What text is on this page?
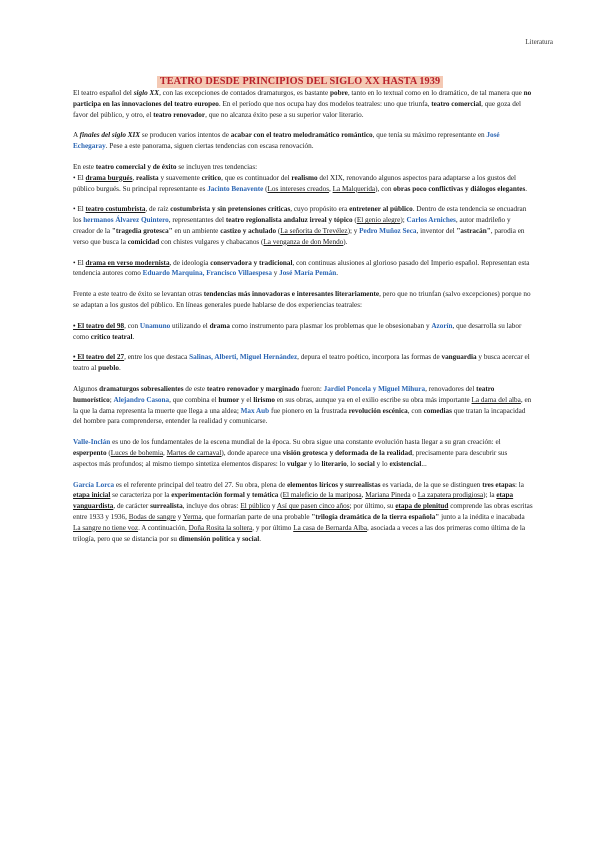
Literatura
TEATRO DESDE PRINCIPIOS DEL SIGLO XX HASTA 1939

El teatro español del siglo XX, con las excepciones de contados dramaturgos, es bastante pobre, tanto en lo textual como en lo dramático, de tal manera que no participa en las innovaciones del teatro europeo. En el período que nos ocupa hay dos modelos teatrales: uno que triunfa, teatro comercial, que goza del favor del público, y otro, el teatro renovador, que no alcanza éxito pese a su superior valor literario.

A finales del siglo XIX se producen varios intentos de acabar con el teatro melodramático romántico, que tenía su máximo representante en José Echegaray. Pese a este panorama, siguen ciertas tendencias con escasa renovación.

En este teatro comercial y de éxito se incluyen tres tendencias:
• El drama burgués, realista y suavemente crítico, que es continuador del realismo del XIX, renovando algunos aspectos para adaptarse a los gustos del público burgués. Su principal representante es Jacinto Benavente (Los intereses creados, La Malquerida), con obras poco conflictivas y diálogos elegantes.

• El teatro costumbrista, de raíz costumbrista y sin pretensiones críticas, cuyo propósito era entretener al público. Dentro de esta tendencia se encuadran los hermanos Álvarez Quintero, representantes del teatro regionalista andaluz irreal y tópico (El genio alegre); Carlos Arniches, autor madrileño y creador de la "tragedia grotesca" en un ambiente castizo y achulado (La señorita de Trevélez); y Pedro Muñoz Seca, inventor del "astracán", parodia en verso que busca la comicidad con chistes vulgares y chabacanos (La venganza de don Mendo).

• El drama en verso modernista, de ideología conservadora y tradicional, con continuas alusiones al glorioso pasado del Imperio español. Representan esta tendencia autores como Eduardo Marquina, Francisco Villaespesa y José María Pemán.

Frente a este teatro de éxito se levantan otras tendencias más innovadoras e interesantes literariamente, pero que no triunfan (salvo excepciones) porque no se adaptan a los gustos del público. En líneas generales puede hablarse de dos experiencias teatrales:

• El teatro del 98, con Unamuno utilizando el drama como instrumento para plasmar los problemas que le obsesionaban y Azorín, que desarrolla su labor como crítico teatral.

• El teatro del 27, entre los que destaca Salinas, Alberti, Miguel Hernández, depura el teatro poético, incorpora las formas de vanguardia y busca acercar el teatro al pueblo.

Algunos dramaturgos sobresalientes de este teatro renovador y marginado fueron: Jardiel Poncela y Miguel Mihura, renovadores del teatro humorístico; Alejandro Casona, que combina el humor y el lirismo en sus obras, aunque ya en el exilio escribe su obra más importante La dama del alba, en la que la dama representa la muerte que llega a una aldea; Max Aub fue pionero en la frustrada revolución escénica, con comedias que tratan la incapacidad del hombre para comprenderse, entender la realidad y comunicarse.

Valle-Inclán es uno de los fundamentales de la escena mundial de la época. Su obra sigue una constante evolución hasta llegar a su gran creación: el esperpento (Luces de bohemia, Martes de carnaval), donde aparece una visión grotesca y deformada de la realidad, precisamente para descubrir sus aspectos más profundos; al mismo tiempo sintetiza elementos dispares: lo vulgar y lo literario, lo social y lo existencial...

García Lorca es el referente principal del teatro del 27. Su obra, plena de elementos líricos y surrealistas es variada, de la que se distinguen tres etapas: la etapa inicial se caracteriza por la experimentación formal y temática (El maleficio de la mariposa, Mariana Pineda o La zapatera prodigiosa); la etapa vanguardista, de carácter surrealista, incluye dos obras: El público y Así que pasen cinco años; por último, su etapa de plenitud comprende las obras escritas entre 1933 y 1936, Bodas de sangre y Yerma, que formarían parte de una probable "trilogía dramática de la tierra española" junto a la inédita e inacabada La sangre no tiene voz. A continuación, Doña Rosita la soltera, y por último La casa de Bernarda Alba, asociada a veces a las dos primeras como última de la trilogía, pero que se distancia por su dimensión política y social.
